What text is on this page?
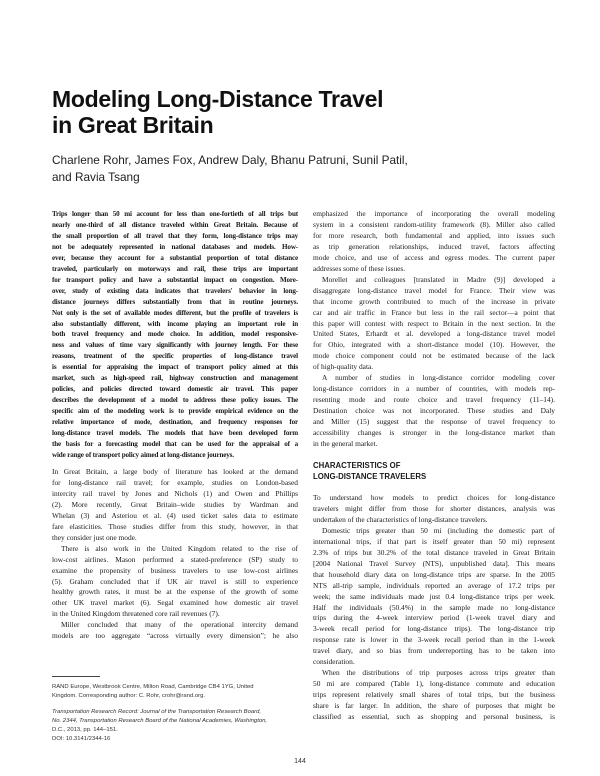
Modeling Long-Distance Travel
in Great Britain
Charlene Rohr, James Fox, Andrew Daly, Bhanu Patruni, Sunil Patil,
and Ravia Tsang
Trips longer than 50 mi account for less than one-fortieth of all trips but
nearly one-third of all distance traveled within Great Britain. Because of
the small proportion of all travel that they form, long-distance trips may
not be adequately represented in national databases and models. How-
ever, because they account for a substantial proportion of total distance
traveled, particularly on motorways and rail, these trips are important
for transport policy and have a substantial impact on congestion. More-
over, study of existing data indicates that travelers' behavior in long-
distance journeys differs substantially from that in routine journeys.
Not only is the set of available modes different, but the profile of travelers is
also substantially different, with income playing an important role in
both travel frequency and mode choice. In addition, model responsive-
ness and values of time vary significantly with journey length. For these
reasons, treatment of the specific properties of long-distance travel
is essential for appraising the impact of transport policy aimed at this
market, such as high-speed rail, highway construction and management
policies, and policies directed toward domestic air travel. This paper
describes the development of a model to address these policy issues. The
specific aim of the modeling work is to provide empirical evidence on the
relative importance of mode, destination, and frequency responses for
long-distance travel models. The models that have been developed form
the basis for a forecasting model that can be used for the appraisal of a
wide range of transport policy aimed at long-distance journeys.
In Great Britain, a large body of literature has looked at the demand
for long-distance rail travel; for example, studies on London-based
intercity rail travel by Jones and Nichols (1) and Owen and Phillips
(2). More recently, Great Britain–wide studies by Wardman and
Whelan (3) and Asteriou et al. (4) used ticket sales data to estimate
fare elasticities. Those studies differ from this study, however, in that
they consider just one mode.
There is also work in the United Kingdom related to the rise of
low-cost airlines. Mason performed a stated-preference (SP) study to
examine the propensity of business travelers to use low-cost airlines
(5). Graham concluded that if UK air travel is still to experience
healthy growth rates, it must be at the expense of the growth of some
other UK travel market (6). Segal examined how domestic air travel
in the United Kingdom threatened core rail revenues (7).
Miller concluded that many of the operational intercity demand
models are too aggregate “across virtually every dimension”; he also
RAND Europe, Westbrook Centre, Milton Road, Cambridge CB4 1YG, United
Kingdom. Corresponding author: C. Rohr, crohr@rand.org.
Transportation Research Record: Journal of the Transportation Research Board,
No. 2344, Transportation Research Board of the National Academies, Washington,
D.C., 2013, pp. 144–151.
DOI: 10.3141/2344-16
emphasized the importance of incorporating the overall modeling
system in a consistent random-utility framework (8). Miller also called
for more research, both fundamental and applied, into issues such
as trip generation relationships, induced travel, factors affecting
mode choice, and use of access and egress modes. The current paper
addresses some of these issues.
Morellet and colleagues [translated in Madre (9)] developed a
disaggregate long-distance travel model for France. Their view was
that income growth contributed to much of the increase in private
car and air traffic in France but less in the rail sector—a point that
this paper will contest with respect to Britain in the next section. In the
United States, Erhardt et al. developed a long-distance travel model
for Ohio, integrated with a short-distance model (10). However, the
mode choice component could not be estimated because of the lack
of high-quality data.
A number of studies in long-distance corridor modeling cover
long-distance corridors in a number of countries, with models rep-
resenting mode and route choice and travel frequency (11–14).
Destination choice was not incorporated. These studies and Daly
and Miller (15) suggest that the response of travel frequency to
accessibility changes is stronger in the long-distance market than
in the general market.
CHARACTERISTICS OF
LONG-DISTANCE TRAVELERS
To understand how models to predict choices for long-distance
travelers might differ from those for shorter distances, analysis was
undertaken of the characteristics of long-distance travelers.
Domestic trips greater than 50 mi (including the domestic part of
international trips, if that part is itself greater than 50 mi) represent
2.3% of trips but 30.2% of the total distance traveled in Great Britain
[2004 National Travel Survey (NTS), unpublished data]. This means
that household diary data on long-distance trips are sparse. In the 2005
NTS all-trip sample, individuals reported an average of 17.2 trips per
week; the same individuals made just 0.4 long-distance trips per week.
Half the individuals (50.4%) in the sample made no long-distance
trips during the 4-week interview period (1-week travel diary and
3-week recall period for long-distance trips). The long-distance trip
response rate is lower in the 3-week recall period than in the 1-week
travel diary, and so bias from underreporting has to be taken into
consideration.
When the distributions of trip purposes across trips greater than
50 mi are compared (Table 1), long-distance commute and education
trips represent relatively small shares of total trips, but the business
share is far larger. In addition, the share of purposes that might be
classified as essential, such as shopping and personal business, is
144
